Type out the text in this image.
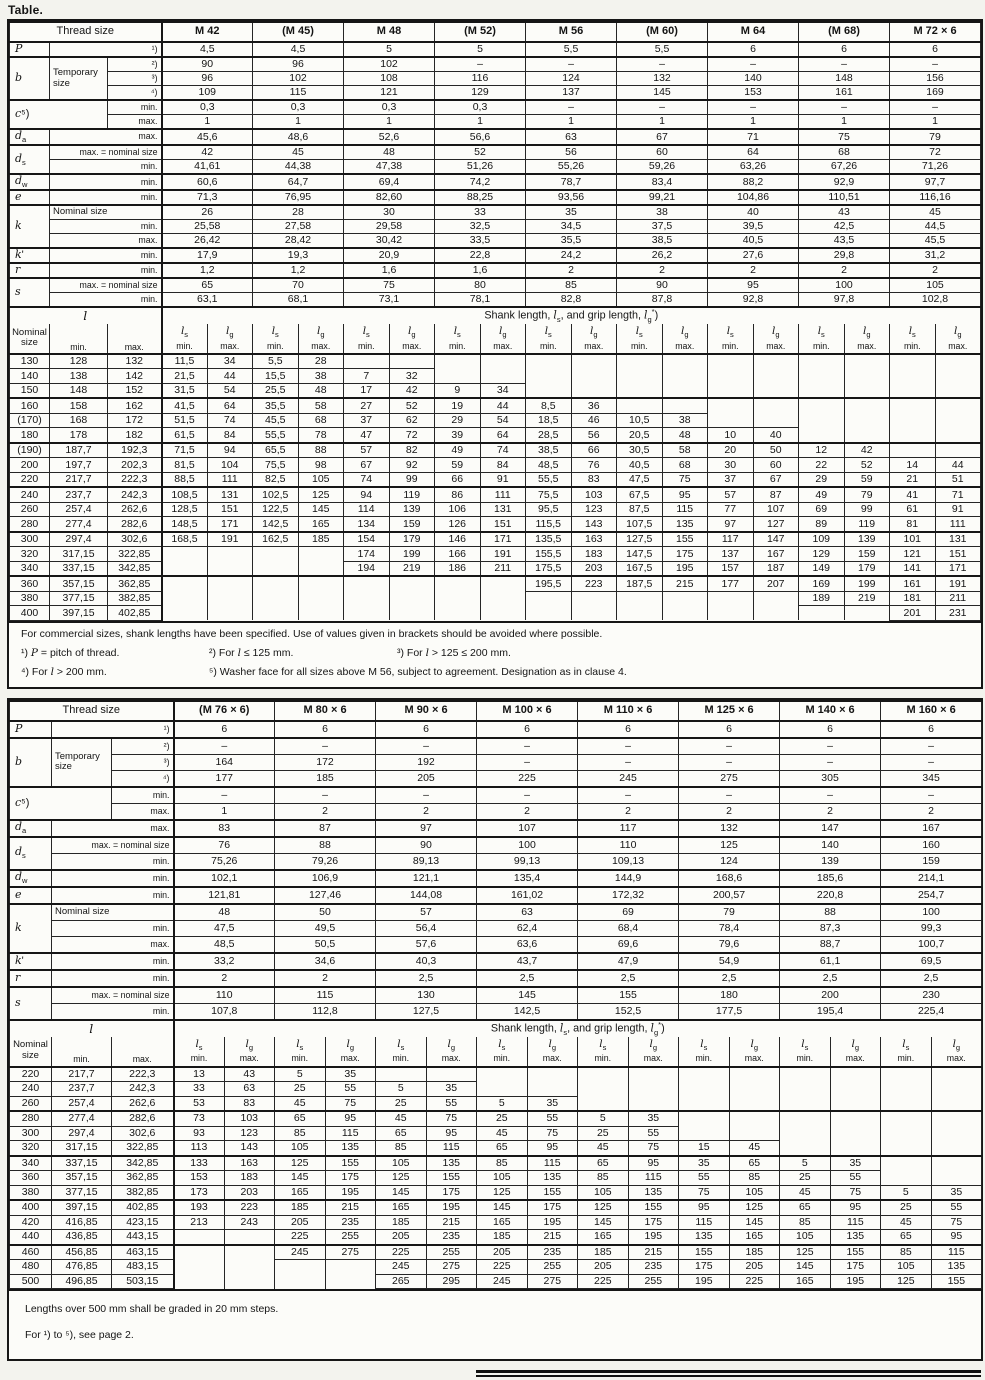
Table.
Thread size			M 42		(M 45)		M 48		(M 52)		M 56		(M 60)		M 64		(M 68)		M 72 × 6	
P	¹)		4,5		4,5		5		5		5,5		5,5		6		6		6	
b	Temporary size	²)	90		96		102		–		–		–		–		–		–	
		³)	96		102		108		116		124		132		140		148		156	
		⁴)	109		115		121		129		137		145		153		161		169	
c⁵)		min.	0,3		0,3		0,3		0,3		–		–		–		–		–	
		max.	1		1		1		1		1		1		1		1		1	
$d_a$	max.		45,6		48,6		52,6		56,6		63		67		71		75		79	
$d_s$	max. = nominal size		42		45		48		52		56		60		64		68		72	
	min.		41,61		44,38		47,38		51,26		55,26		59,26		63,26		67,26		71,26	
$d_w$	min.		60,6		64,7		69,4		74,2		78,7		83,4		88,2		92,9		97,7	
e	min.		71,3		76,95		82,60		88,25		93,56		99,21		104,86		110,51		116,16	
k	Nominal size		26		28		30		33		35		38		40		43		45	
	min.		25,58		27,58		29,58		32,5		34,5		37,5		39,5		42,5		44,5	
	max.		26,42		28,42		30,42		33,5		35,5		38,5		40,5		43,5		45,5	
k'	min.		17,9		19,3		20,9		22,8		24,2		26,2		27,6		29,8		31,2	
r	min.		1,2		1,2		1,6		1,6		2		2		2		2		2	
s	max. = nominal size		65		70		75		80		85		90		95		100		105	
	min.		63,1		68,1		73,1		78,1		82,8		87,8		92,8		97,8		102,8	
l			Shank length, $l_s$, and grip length, $l_g^*$)																	
Nominal size	min.	max.	$l_s$	$l_g$	$l_s$	$l_g$	$l_s$	$l_g$	$l_s$	$l_g$	$l_s$	$l_g$	$l_s$	$l_g$	$l_s$	$l_g$	$l_s$	$l_g$	$l_s$	$l_g$
			min.	max.	min.	max.	min.	max.	min.	max.	min.	max.	min.	max.	min.	max.	min.	max.	min.	max.
130	128	132	11,5	34	5,5	28														
140	138	142	21,5	44	15,5	38	7	32												
150	148	152	31,5	54	25,5	48	17	42	9	34										
160	158	162	41,5	64	35,5	58	27	52	19	44	8,5	36								
(170)	168	172	51,5	74	45,5	68	37	62	29	54	18,5	46	10,5	38						
180	178	182	61,5	84	55,5	78	47	72	39	64	28,5	56	20,5	48	10	40				
(190)	187,7	192,3	71,5	94	65,5	88	57	82	49	74	38,5	66	30,5	58	20	50	12	42		
200	197,7	202,3	81,5	104	75,5	98	67	92	59	84	48,5	76	40,5	68	30	60	22	52	14	44
220	217,7	222,3	88,5	111	82,5	105	74	99	66	91	55,5	83	47,5	75	37	67	29	59	21	51
240	237,7	242,3	108,5	131	102,5	125	94	119	86	111	75,5	103	67,5	95	57	87	49	79	41	71
260	257,4	262,6	128,5	151	122,5	145	114	139	106	131	95,5	123	87,5	115	77	107	69	99	61	91
280	277,4	282,6	148,5	171	142,5	165	134	159	126	151	115,5	143	107,5	135	97	127	89	119	81	111
300	297,4	302,6	168,5	191	162,5	185	154	179	146	171	135,5	163	127,5	155	117	147	109	139	101	131
320	317,15	322,85					174	199	166	191	155,5	183	147,5	175	137	167	129	159	121	151
340	337,15	342,85					194	219	186	211	175,5	203	167,5	195	157	187	149	179	141	171
360	357,15	362,85									195,5	223	187,5	215	177	207	169	199	161	191
380	377,15	382,85															189	219	181	211
400	397,15	402,85																	201	231
For commercial sizes, shank lengths have been specified. Use of values given in brackets should be avoided where possible.
¹) P = pitch of thread.	²) For l ≤ 125 mm.	³) For l > 125 ≤ 200 mm.
⁴) For l > 200 mm.	⁵) Washer face for all sizes above M 56, subject to agreement. Designation as in clause 4.
Thread size			(M 76 × 6)		M 80 × 6		M 90 × 6		M 100 × 6		M 110 × 6		M 125 × 6		M 140 × 6		M 160 × 6	
P	¹)		6		6		6		6		6		6		6		6	
b	Temporary size	²)	–		–		–		–		–		–		–		–	
		³)	164		172		192		–		–		–		–		–	
		⁴)	177		185		205		225		245		275		305		345	
c⁵)		min.	–		–		–		–		–		–		–		–	
		max.	1		2		2		2		2		2		2		2	
$d_a$	max.		83		87		97		107		117		132		147		167	
$d_s$	max. = nominal size		76		88		90		100		110		125		140		160	
	min.		75,26		79,26		89,13		99,13		109,13		124		139		159	
$d_w$	min.		102,1		106,9		121,1		135,4		144,9		168,6		185,6		214,1	
e	min.		121,81		127,46		144,08		161,02		172,32		200,57		220,8		254,7	
k	Nominal size		48		50		57		63		69		79		88		100	
	min.		47,5		49,5		56,4		62,4		68,4		78,4		87,3		99,3	
	max.		48,5		50,5		57,6		63,6		69,6		79,6		88,7		100,7	
k'	min.		33,2		34,6		40,3		43,7		47,9		54,9		61,1		69,5	
r	min.		2		2		2,5		2,5		2,5		2,5		2,5		2,5	
s	max. = nominal size		110		115		130		145		155		180		200		230	
	min.		107,8		112,8		127,5		142,5		152,5		177,5		195,4		225,4	
l			Shank length, $l_s$, and grip length, $l_g^*$)															
Nominal size	min.	max.	$l_s$	$l_g$	$l_s$	$l_g$	$l_s$	$l_g$	$l_s$	$l_g$	$l_s$	$l_g$	$l_s$	$l_g$	$l_s$	$l_g$	$l_s$	$l_g$
			min.	max.	min.	max.	min.	max.	min.	max.	min.	max.	min.	max.	min.	max.	min.	max.
220	217,7	222,3	13	43	5	35												
240	237,7	242,3	33	63	25	55	5	35										
260	257,4	262,6	53	83	45	75	25	55	5	35								
280	277,4	282,6	73	103	65	95	45	75	25	55	5	35						
300	297,4	302,6	93	123	85	115	65	95	45	75	25	55						
320	317,15	322,85	113	143	105	135	85	115	65	95	45	75	15	45				
340	337,15	342,85	133	163	125	155	105	135	85	115	65	95	35	65	5	35		
360	357,15	362,85	153	183	145	175	125	155	105	135	85	115	55	85	25	55		
380	377,15	382,85	173	203	165	195	145	175	125	155	105	135	75	105	45	75	5	35
400	397,15	402,85	193	223	185	215	165	195	145	175	125	155	95	125	65	95	25	55
420	416,85	423,15	213	243	205	235	185	215	165	195	145	175	115	145	85	115	45	75
440	436,85	443,15			225	255	205	235	185	215	165	195	135	165	105	135	65	95
460	456,85	463,15			245	275	225	255	205	235	185	215	155	185	125	155	85	115
480	476,85	483,15					245	275	225	255	205	235	175	205	145	175	105	135
500	496,85	503,15					265	295	245	275	225	255	195	225	165	195	125	155

Lengths over 500 mm shall be graded in 20 mm steps.

For ¹) to ⁵), see page 2.
